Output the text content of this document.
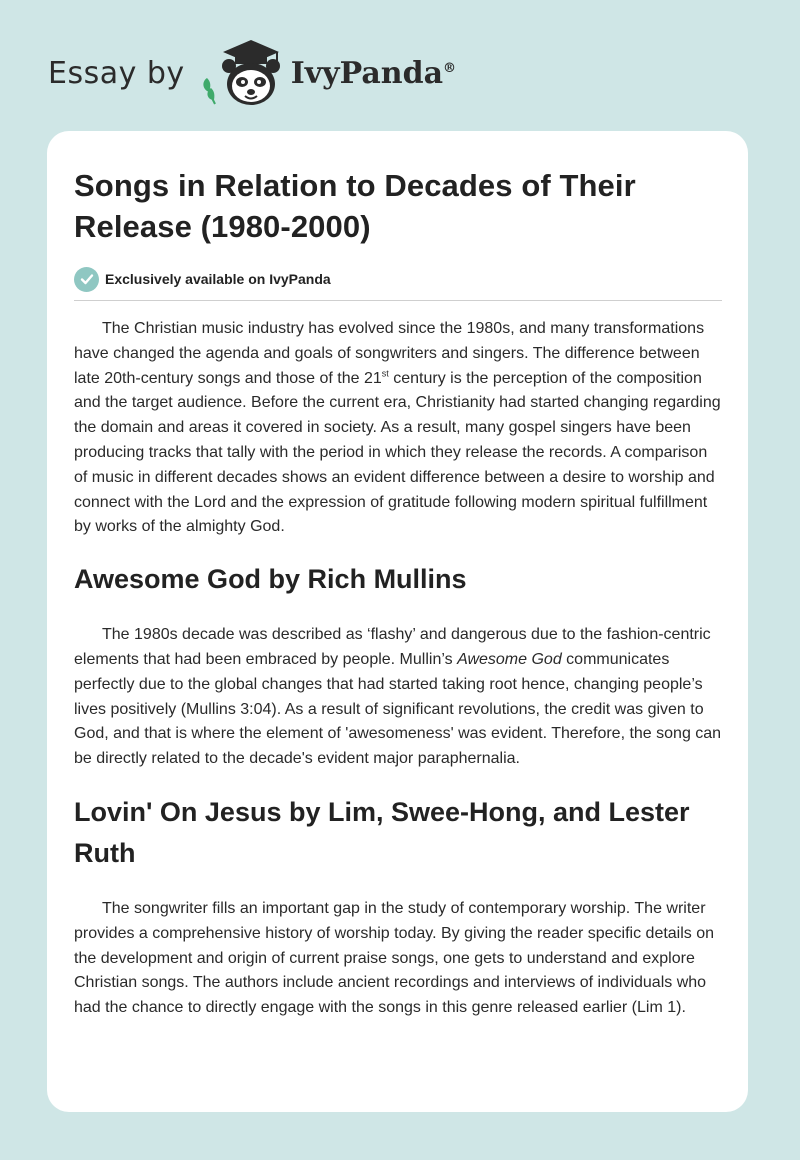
Essay by	IvyPanda®
Songs in Relation to Decades of Their Release (1980-2000)
Exclusively available on IvyPanda

The Christian music industry has evolved since the 1980s, and many transformations have changed the agenda and goals of songwriters and singers. The difference between late 20th-century songs and those of the 21st century is the perception of the composition and the target audience. Before the current era, Christianity had started changing regarding the domain and areas it covered in society. As a result, many gospel singers have been producing tracks that tally with the period in which they release the records. A comparison of music in different decades shows an evident difference between a desire to worship and connect with the Lord and the expression of gratitude following modern spiritual fulfillment by works of the almighty God.

Awesome God by Rich Mullins

The 1980s decade was described as ‘flashy’ and dangerous due to the fashion-centric elements that had been embraced by people. Mullin’s Awesome God communicates perfectly due to the global changes that had started taking root hence, changing people’s lives positively (Mullins 3:04). As a result of significant revolutions, the credit was given to God, and that is where the element of 'awesomeness' was evident. Therefore, the song can be directly related to the decade's evident major paraphernalia.

Lovin' On Jesus by Lim, Swee-Hong, and Lester Ruth

The songwriter fills an important gap in the study of contemporary worship. The writer provides a comprehensive history of worship today. By giving the reader specific details on the development and origin of current praise songs, one gets to understand and explore Christian songs. The authors include ancient recordings and interviews of individuals who had the chance to directly engage with the songs in this genre released earlier (Lim 1).
